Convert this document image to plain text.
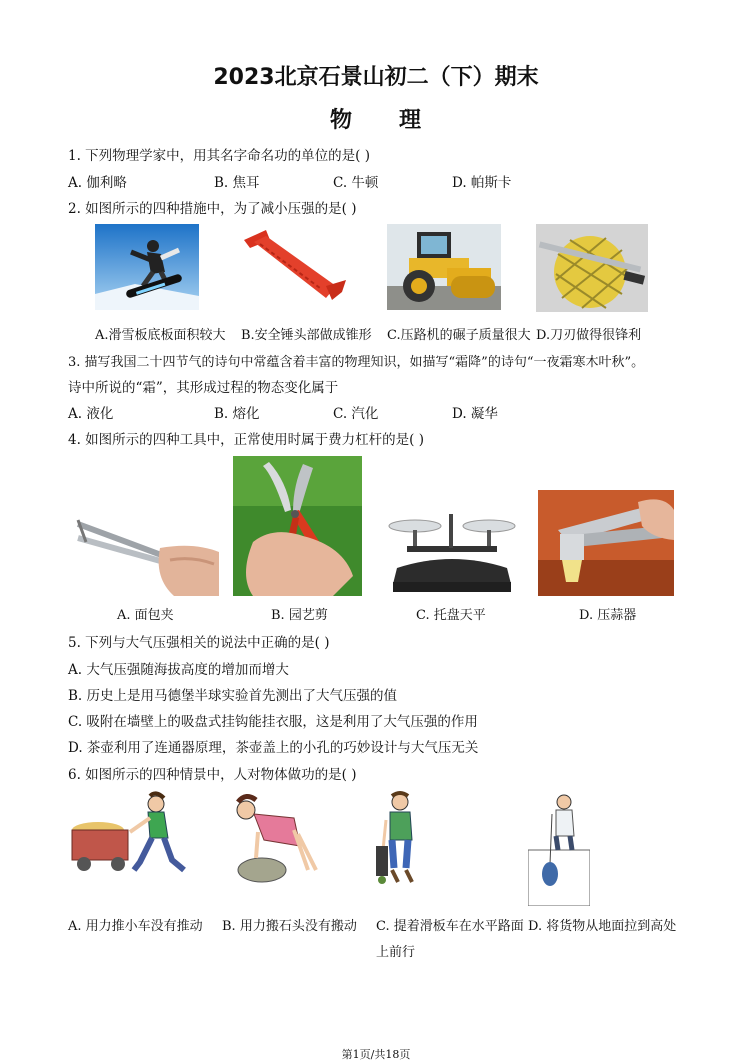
2023北京石景山初二（下）期末
物　　理
1. 下列物理学家中，用其名字命名功的单位的是( )
A. 伽利略	B. 焦耳	C. 牛顿	D. 帕斯卡
2. 如图所示的四种措施中，为了减小压强的是( )
A.滑雪板底板面积较大 B.安全锤头部做成锥形 C.压路机的碾子质量很大 D.刀刃做得很锋利
3. 描写我国二十四节气的诗句中常蕴含着丰富的物理知识，如描写“霜降”的诗句“一夜霜寒木叶秋”。
诗中所说的“霜”，其形成过程的物态变化属于
A. 液化	B. 熔化	C. 汽化	D. 凝华
4. 如图所示的四种工具中，正常使用时属于费力杠杆的是( )
A. 面包夹	B. 园艺剪	C. 托盘天平	D. 压蒜器
5. 下列与大气压强相关的说法中正确的是( )
A. 大气压强随海拔高度的增加而增大
B. 历史上是用马德堡半球实验首先测出了大气压强的值
C. 吸附在墙壁上的吸盘式挂钩能挂衣服，这是利用了大气压强的作用
D. 茶壶利用了连通器原理，茶壶盖上的小孔的巧妙设计与大气压无关
6. 如图所示的四种情景中，人对物体做功的是( )
A. 用力推小车没有推动 B. 用力搬石头没有搬动 C. 提着滑板车在水平路面 D. 将货物从地面拉到高处
上前行
第1页/共18页
